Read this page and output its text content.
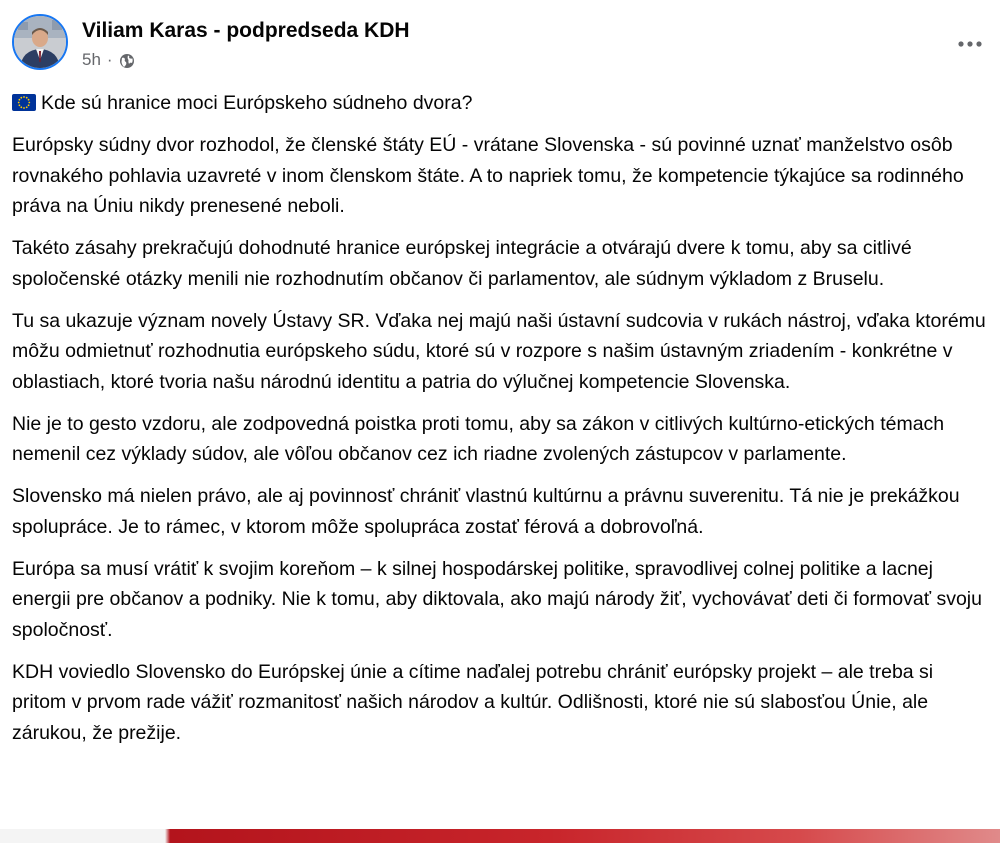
Viliam Karas - podpredseda KDH
5h ·

Kde sú hranice moci Európskeho súdneho dvora?

Európsky súdny dvor rozhodol, že členské štáty EÚ - vrátane Slovenska - sú povinné uznať manželstvo osôb rovnakého pohlavia uzavreté v inom členskom štáte. A to napriek tomu, že kompetencie týkajúce sa rodinného práva na Úniu nikdy prenesené neboli.

Takéto zásahy prekračujú dohodnuté hranice európskej integrácie a otvárajú dvere k tomu, aby sa citlivé spoločenské otázky menili nie rozhodnutím občanov či parlamentov, ale súdnym výkladom z Bruselu.

Tu sa ukazuje význam novely Ústavy SR. Vďaka nej majú naši ústavní sudcovia v rukách nástroj, vďaka ktorému môžu odmietnuť rozhodnutia európskeho súdu, ktoré sú v rozpore s našim ústavným zriadením - konkrétne v oblastiach, ktoré tvoria našu národnú identitu a patria do výlučnej kompetencie Slovenska.

Nie je to gesto vzdoru, ale zodpovedná poistka proti tomu, aby sa zákon v citlivých kultúrno-etických témach nemenil cez výklady súdov, ale vôľou občanov cez ich riadne zvolených zástupcov v parlamente.

Slovensko má nielen právo, ale aj povinnosť chrániť vlastnú kultúrnu a právnu suverenitu. Tá nie je prekážkou spolupráce. Je to rámec, v ktorom môže spolupráca zostať férová a dobrovoľná.

Európa sa musí vrátiť k svojim koreňom – k silnej hospodárskej politike, spravodlivej colnej politike a lacnej energii pre občanov a podniky. Nie k tomu, aby diktovala, ako majú národy žiť, vychovávať deti či formovať svoju spoločnosť.

KDH voviedlo Slovensko do Európskej únie a cítime naďalej potrebu chrániť európsky projekt – ale treba si pritom v prvom rade vážiť rozmanitosť našich národov a kultúr. Odlišnosti, ktoré nie sú slabosťou Únie, ale zárukou, že prežije.
